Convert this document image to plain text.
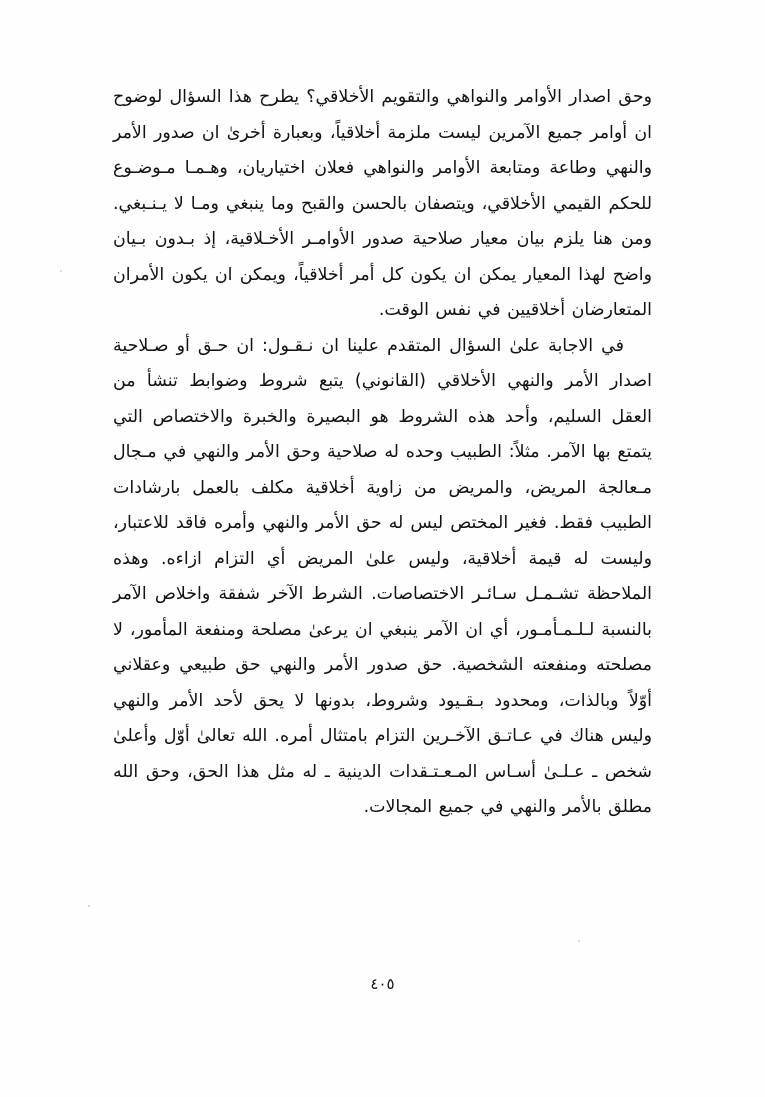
وحق اصدار الأوامر والنواهي والتقويم الأخلاقي؟ يطرح هذا السؤال لوضوح ان أوامر جميع الآمرين ليست ملزمة أخلاقياً، وبعبارة أخرىٰ ان صدور الأمر والنهي وطاعة ومتابعة الأوامر والنواهي فعلان اختياريان، وهـمـا مـوضـوع للحكم القيمي الأخلاقي، ويتصفان بالحسن والقبح وما ينبغي ومـا لا يـنـبغي. ومن هنا يلزم بيان معيار صلاحية صدور الأوامـر الأخـلاقية، إذ بـدون بـيان واضح لهذا المعيار يمكن ان يكون كل أمر أخلاقياً، ويمكن ان يكون الأمران المتعارضان أخلاقيين في نفس الوقت.

في الاجابة علىٰ السؤال المتقدم علينا ان نـقـول: ان حـق أو صـلاحية اصدار الأمر والنهي الأخلاقي (القانوني) يتبع شروط وضوابط تنشأ من العقل السليم، وأحد هذه الشروط هو البصيرة والخبرة والاختصاص التي يتمتع بها الآمر. مثلاً: الطبيب وحده له صلاحية وحق الأمر والنهي في مـجال مـعالجة المريض، والمريض من زاوية أخلاقية مكلف بالعمل بارشادات الطبيب فقط. فغير المختص ليس له حق الأمر والنهي وأمره فاقد للاعتبار، وليست له قيمة أخلاقية، وليس علىٰ المريض أي التزام ازاءه. وهذه الملاحظة تشـمـل سـائـر الاختصاصات. الشرط الآخر شفقة واخلاص الآمر بالنسبة لـلـمـأمـور، أي ان الآمر ينبغي ان يرعىٰ مصلحة ومنفعة المأمور، لا مصلحته ومنفعته الشخصية. حق صدور الأمر والنهي حق طبيعي وعقلاني أوّلاً وبالذات، ومحدود بـقـيود وشروط، بدونها لا يحق لأحد الأمر والنهي وليس هناك في عـاتـق الآخـرين التزام بامتثال أمره. الله تعالىٰ أوّل وأعلىٰ شخص ـ عـلـىٰ أسـاس المـعـتـقدات الدينية ـ له مثل هذا الحق، وحق الله مطلق بالأمر والنهي في جميع المجالات.

٤٠٥
